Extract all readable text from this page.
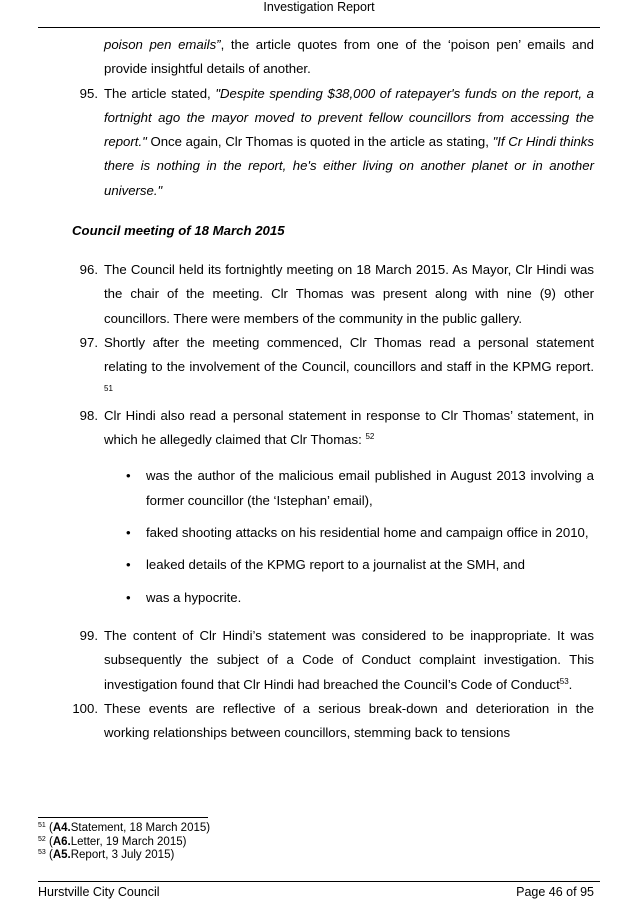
Investigation Report

poison pen emails”, the article quotes from one of the ‘poison pen’ emails and provide insightful details of another.

95. The article stated, "Despite spending $38,000 of ratepayer's funds on the report, a fortnight ago the mayor moved to prevent fellow councillors from accessing the report." Once again, Clr Thomas is quoted in the article as stating, "If Cr Hindi thinks there is nothing in the report, he's either living on another planet or in another universe."

Council meeting of 18 March 2015

96. The Council held its fortnightly meeting on 18 March 2015. As Mayor, Clr Hindi was the chair of the meeting. Clr Thomas was present along with nine (9) other councillors. There were members of the community in the public gallery.

97. Shortly after the meeting commenced, Clr Thomas read a personal statement relating to the involvement of the Council, councillors and staff in the KPMG report. $^{51}$

98. Clr Hindi also read a personal statement in response to Clr Thomas’ statement, in which he allegedly claimed that Clr Thomas: $^{52}$

• was the author of the malicious email published in August 2013 involving a former councillor (the ‘Istephan’ email),
• faked shooting attacks on his residential home and campaign office in 2010,
• leaked details of the KPMG report to a journalist at the SMH, and
• was a hypocrite.

99. The content of Clr Hindi’s statement was considered to be inappropriate. It was subsequently the subject of a Code of Conduct complaint investigation. This investigation found that Clr Hindi had breached the Council’s Code of Conduct$^{53}$.

100. These events are reflective of a serious break-down and deterioration in the working relationships between councillors, stemming back to tensions

$^{51}$ (A4.Statement, 18 March 2015)
$^{52}$ (A6.Letter, 19 March 2015)
$^{53}$ (A5.Report, 3 July 2015)
Hurstville City Council	Page 46 of 95
